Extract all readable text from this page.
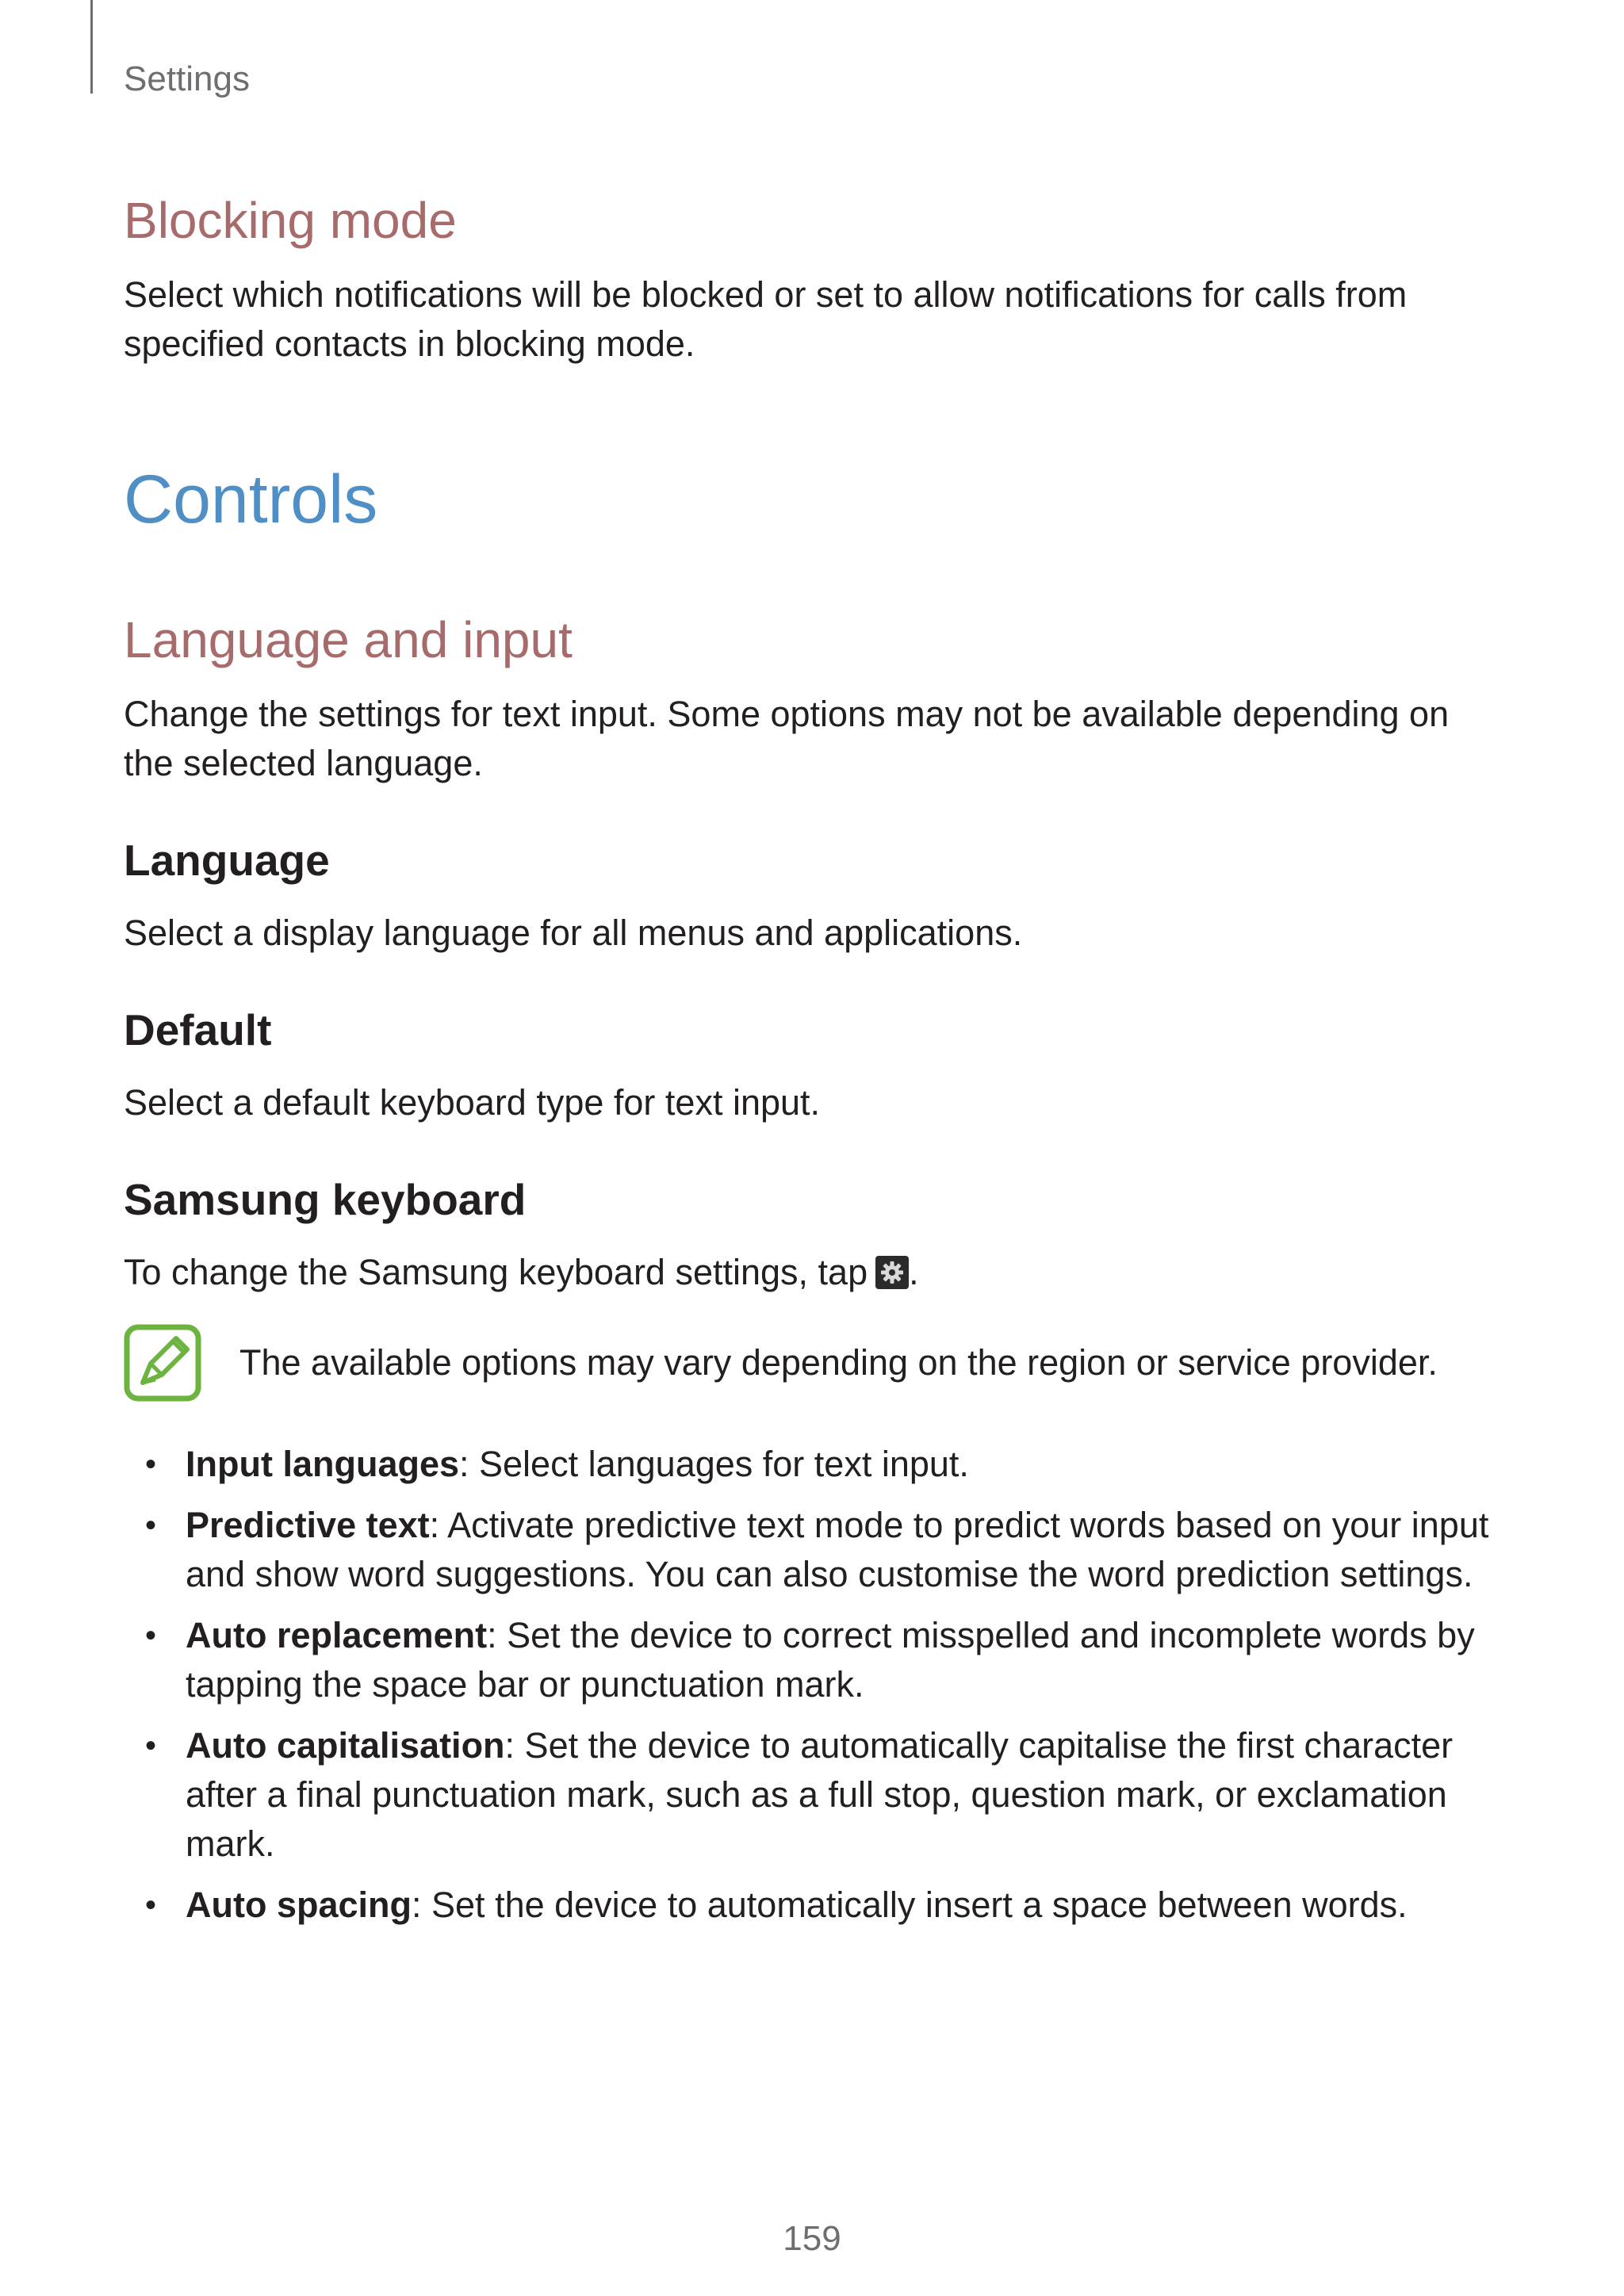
Settings
Blocking mode

Select which notifications will be blocked or set to allow notifications for calls from specified contacts in blocking mode.

Controls
Language and input

Change the settings for text input. Some options may not be available depending on the selected language.

Language

Select a display language for all menus and applications.

Default

Select a default keyboard type for text input.

Samsung keyboard

To change the Samsung keyboard settings, tap .

The available options may vary depending on the region or service provider.
• Input languages: Select languages for text input.
• Predictive text: Activate predictive text mode to predict words based on your input and show word suggestions. You can also customise the word prediction settings.
• Auto replacement: Set the device to correct misspelled and incomplete words by tapping the space bar or punctuation mark.
• Auto capitalisation: Set the device to automatically capitalise the first character after a final punctuation mark, such as a full stop, question mark, or exclamation mark.
• Auto spacing: Set the device to automatically insert a space between words.
159
